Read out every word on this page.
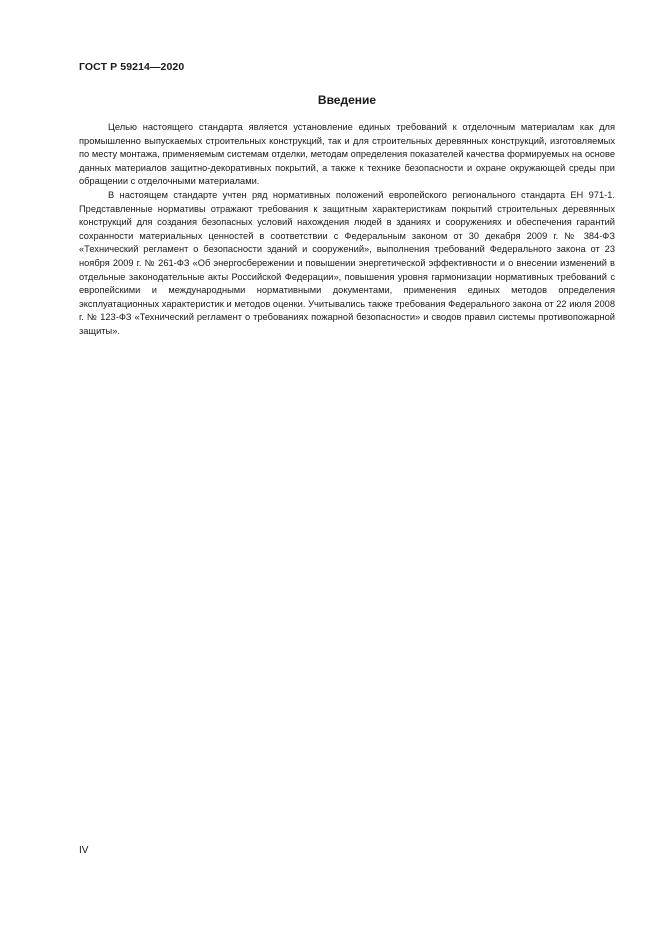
ГОСТ Р 59214—2020
Введение

Целью настоящего стандарта является установление единых требований к отделочным материалам как для промышленно выпускаемых строительных конструкций, так и для строительных деревянных конструкций, изготовляемых по месту монтажа, применяемым системам отделки, методам определения показателей качества формируемых на основе данных материалов защитно-декоративных покрытий, а также к технике безопасности и охране окружающей среды при обращении с отделочными материалами.

В настоящем стандарте учтен ряд нормативных положений европейского регионального стандарта ЕН 971-1. Представленные нормативы отражают требования к защитным характеристикам покрытий строительных деревянных конструкций для создания безопасных условий нахождения людей в зданиях и сооружениях и обеспечения гарантий сохранности материальных ценностей в соответствии с Федеральным законом от 30 декабря 2009 г. № 384-ФЗ «Технический регламент о безопасности зданий и сооружений», выполнения требований Федерального закона от 23 ноября 2009 г. № 261-ФЗ «Об энергосбережении и повышении энергетической эффективности и о внесении изменений в отдельные законодательные акты Российской Федерации», повышения уровня гармонизации нормативных требований с европейскими и международными нормативными документами, применения единых методов определения эксплуатационных характеристик и методов оценки. Учитывались также требования Федерального закона от 22 июля 2008 г. № 123-ФЗ «Технический регламент о требованиях пожарной безопасности» и сводов правил системы противопожарной защиты».

IV
